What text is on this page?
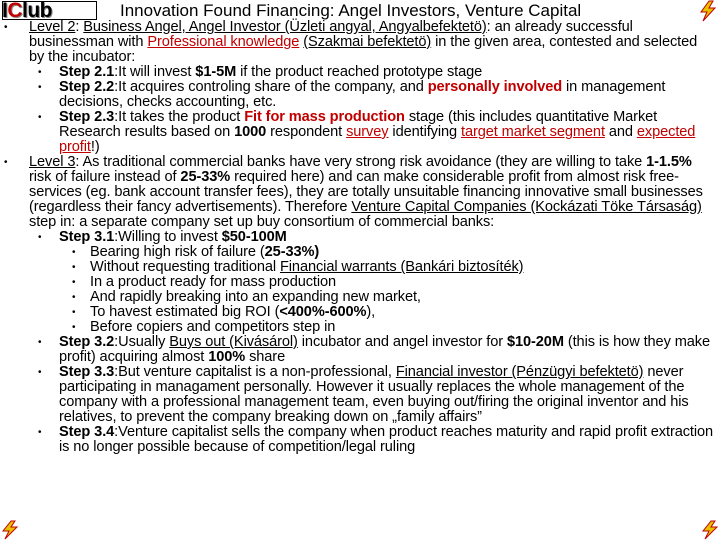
IClub	Innovation Found Financing: Angel Investors, Venture Capital
• Level 2: Business Angel, Angel Investor (Üzleti angyal, Angyalbefektetö): an already successful businessman with Professional knowledge (Szakmai befektetö) in the given area, contested and selected by the incubator:
• Step 2.1:It will invest $1-5M if the product reached prototype stage
• Step 2.2:It acquires controling share of the company, and personally involved in management decisions, checks accounting, etc.
• Step 2.3:It takes the product Fit for mass production stage (this includes quantitative Market Research results based on 1000 respondent survey identifying target market segment and expected profit!)
• Level 3: As traditional commercial banks have very strong risk avoidance (they are willing to take 1-1.5% risk of failure instead of 25-33% required here) and can make considerable profit from almost risk free-services (eg. bank account transfer fees), they are totally unsuitable financing innovative small businesses (regardless their fancy advertisements). Therefore Venture Capital Companies (Kockázati Töke Társaság) step in: a separate company set up buy consortium of commercial banks:
• Step 3.1:Willing to invest $50-100M
• Bearing high risk of failure (25-33%)
• Without requesting traditional Financial warrants (Bankári biztosíték)
• In a product ready for mass production
• And rapidly breaking into an expanding new market,
• To havest estimated big ROI (<400%-600%),
• Before copiers and competitors step in
• Step 3.2:Usually Buys out (Kivásárol) incubator and angel investor for $10-20M (this is how they make profit) acquiring almost 100% share
• Step 3.3:But venture capitalist is a non-professional, Financial investor (Pénzügyi befektetö) never participating in managament personally. However it usually replaces the whole management of the company with a professional management team, even buying out/firing the original inventor and his relatives, to prevent the company breaking down on „family affairs”
• Step 3.4:Venture capitalist sells the company when product reaches maturity and rapid profit extraction is no longer possible because of competition/legal ruling
